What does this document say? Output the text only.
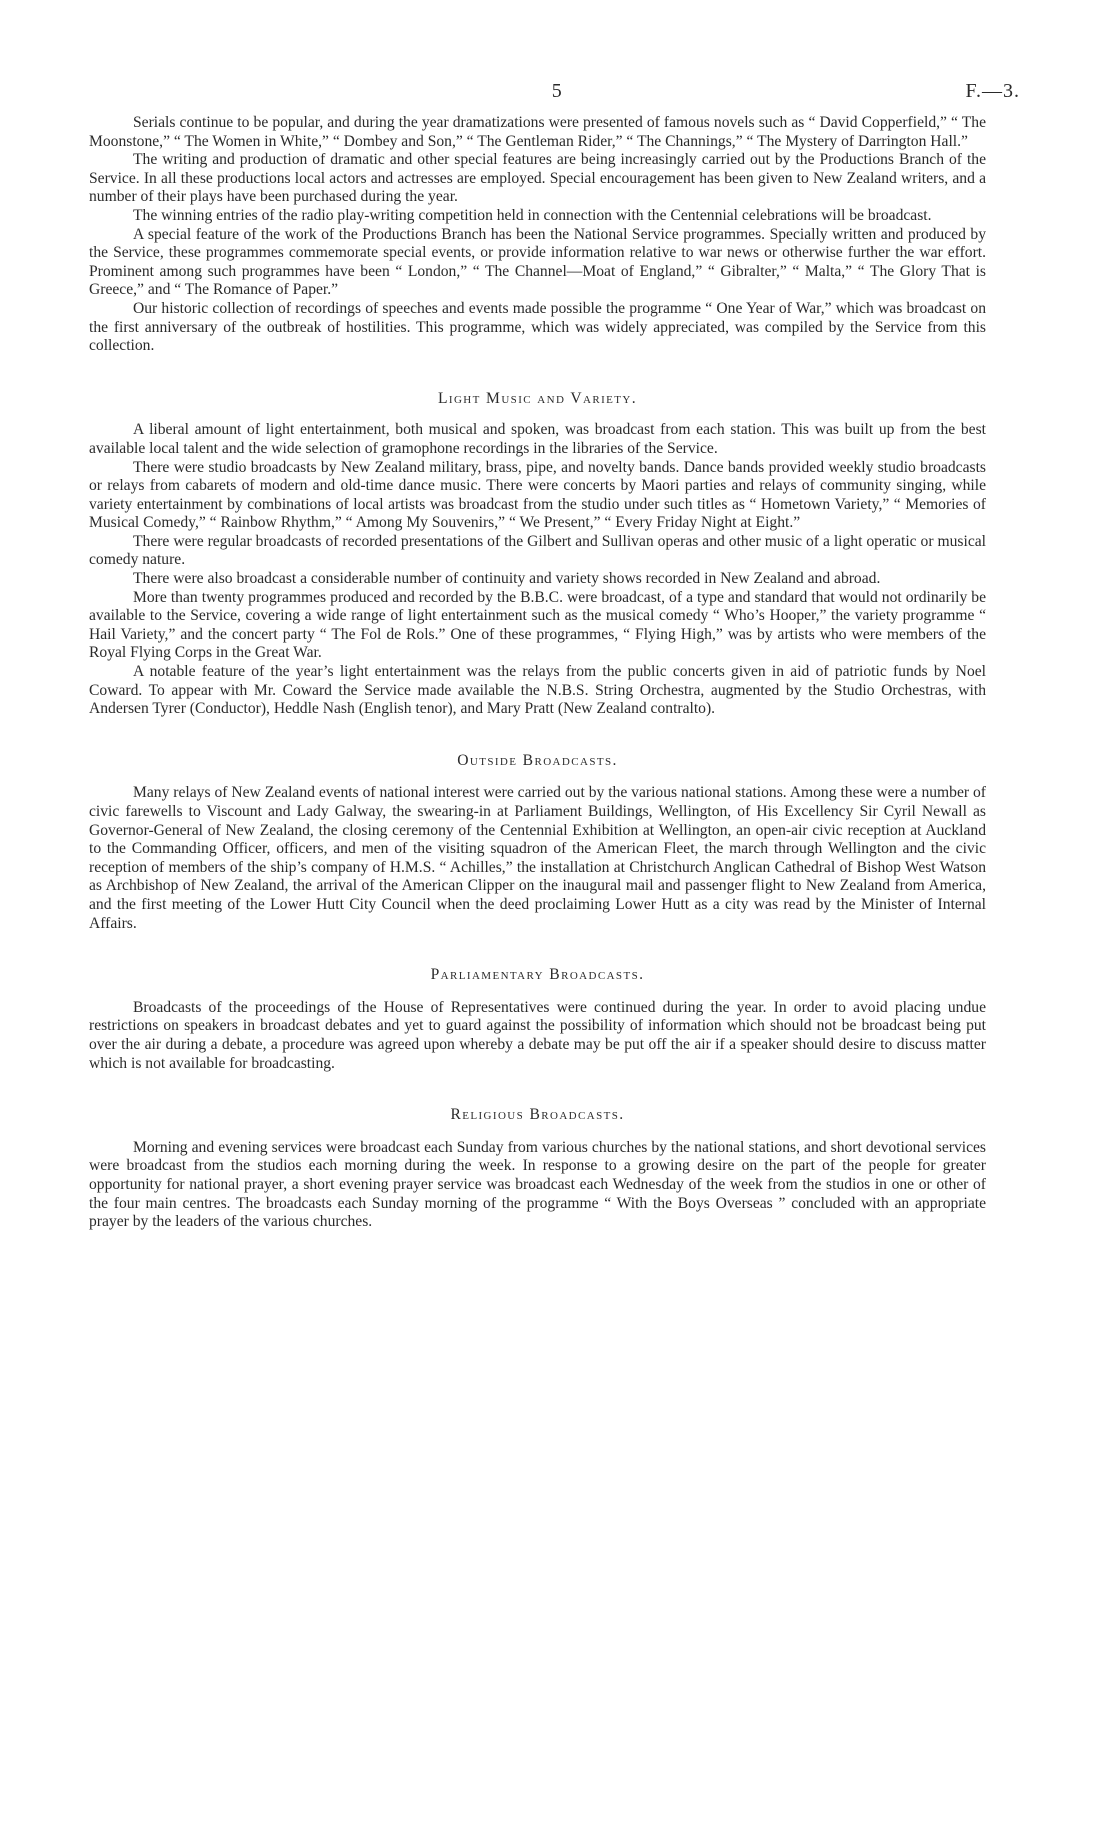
5	F.—3.

Serials continue to be popular, and during the year dramatizations were presented of famous novels such as “ David Copperfield,” “ The Moonstone,” “ The Women in White,” “ Dombey and Son,” “ The Gentleman Rider,” “ The Channings,” “ The Mystery of Darrington Hall.”

The writing and production of dramatic and other special features are being increasingly carried out by the Productions Branch of the Service. In all these productions local actors and actresses are employed. Special encouragement has been given to New Zealand writers, and a number of their plays have been purchased during the year.

The winning entries of the radio play-writing competition held in connection with the Centennial celebrations will be broadcast.

A special feature of the work of the Productions Branch has been the National Service programmes. Specially written and produced by the Service, these programmes commemorate special events, or provide information relative to war news or otherwise further the war effort. Prominent among such programmes have been “ London,” “ The Channel—Moat of England,” “ Gibralter,” “ Malta,” “ The Glory That is Greece,” and “ The Romance of Paper.”

Our historic collection of recordings of speeches and events made possible the programme “ One Year of War,” which was broadcast on the first anniversary of the outbreak of hostilities. This programme, which was widely appreciated, was compiled by the Service from this collection.

Light Music and Variety.

A liberal amount of light entertainment, both musical and spoken, was broadcast from each station. This was built up from the best available local talent and the wide selection of gramophone recordings in the libraries of the Service.

There were studio broadcasts by New Zealand military, brass, pipe, and novelty bands. Dance bands provided weekly studio broadcasts or relays from cabarets of modern and old-time dance music. There were concerts by Maori parties and relays of community singing, while variety entertainment by combinations of local artists was broadcast from the studio under such titles as “ Hometown Variety,” “ Memories of Musical Comedy,” “ Rainbow Rhythm,” “ Among My Souvenirs,” “ We Present,” “ Every Friday Night at Eight.”

There were regular broadcasts of recorded presentations of the Gilbert and Sullivan operas and other music of a light operatic or musical comedy nature.

There were also broadcast a considerable number of continuity and variety shows recorded in New Zealand and abroad.

More than twenty programmes produced and recorded by the B.B.C. were broadcast, of a type and standard that would not ordinarily be available to the Service, covering a wide range of light entertainment such as the musical comedy “ Who’s Hooper,” the variety programme “ Hail Variety,” and the concert party “ The Fol de Rols.” One of these programmes, “ Flying High,” was by artists who were members of the Royal Flying Corps in the Great War.

A notable feature of the year’s light entertainment was the relays from the public concerts given in aid of patriotic funds by Noel Coward. To appear with Mr. Coward the Service made available the N.B.S. String Orchestra, augmented by the Studio Orchestras, with Andersen Tyrer (Conductor), Heddle Nash (English tenor), and Mary Pratt (New Zealand contralto).

Outside Broadcasts.

Many relays of New Zealand events of national interest were carried out by the various national stations. Among these were a number of civic farewells to Viscount and Lady Galway, the swearing-in at Parliament Buildings, Wellington, of His Excellency Sir Cyril Newall as Governor-General of New Zealand, the closing ceremony of the Centennial Exhibition at Wellington, an open-air civic reception at Auckland to the Commanding Officer, officers, and men of the visiting squadron of the American Fleet, the march through Wellington and the civic reception of members of the ship’s company of H.M.S. “ Achilles,” the installation at Christchurch Anglican Cathedral of Bishop West Watson as Archbishop of New Zealand, the arrival of the American Clipper on the inaugural mail and passenger flight to New Zealand from America, and the first meeting of the Lower Hutt City Council when the deed proclaiming Lower Hutt as a city was read by the Minister of Internal Affairs.

Parliamentary Broadcasts.

Broadcasts of the proceedings of the House of Representatives were continued during the year. In order to avoid placing undue restrictions on speakers in broadcast debates and yet to guard against the possibility of information which should not be broadcast being put over the air during a debate, a procedure was agreed upon whereby a debate may be put off the air if a speaker should desire to discuss matter which is not available for broadcasting.

Religious Broadcasts.

Morning and evening services were broadcast each Sunday from various churches by the national stations, and short devotional services were broadcast from the studios each morning during the week. In response to a growing desire on the part of the people for greater opportunity for national prayer, a short evening prayer service was broadcast each Wednesday of the week from the studios in one or other of the four main centres. The broadcasts each Sunday morning of the programme “ With the Boys Overseas ” concluded with an appropriate prayer by the leaders of the various churches.
